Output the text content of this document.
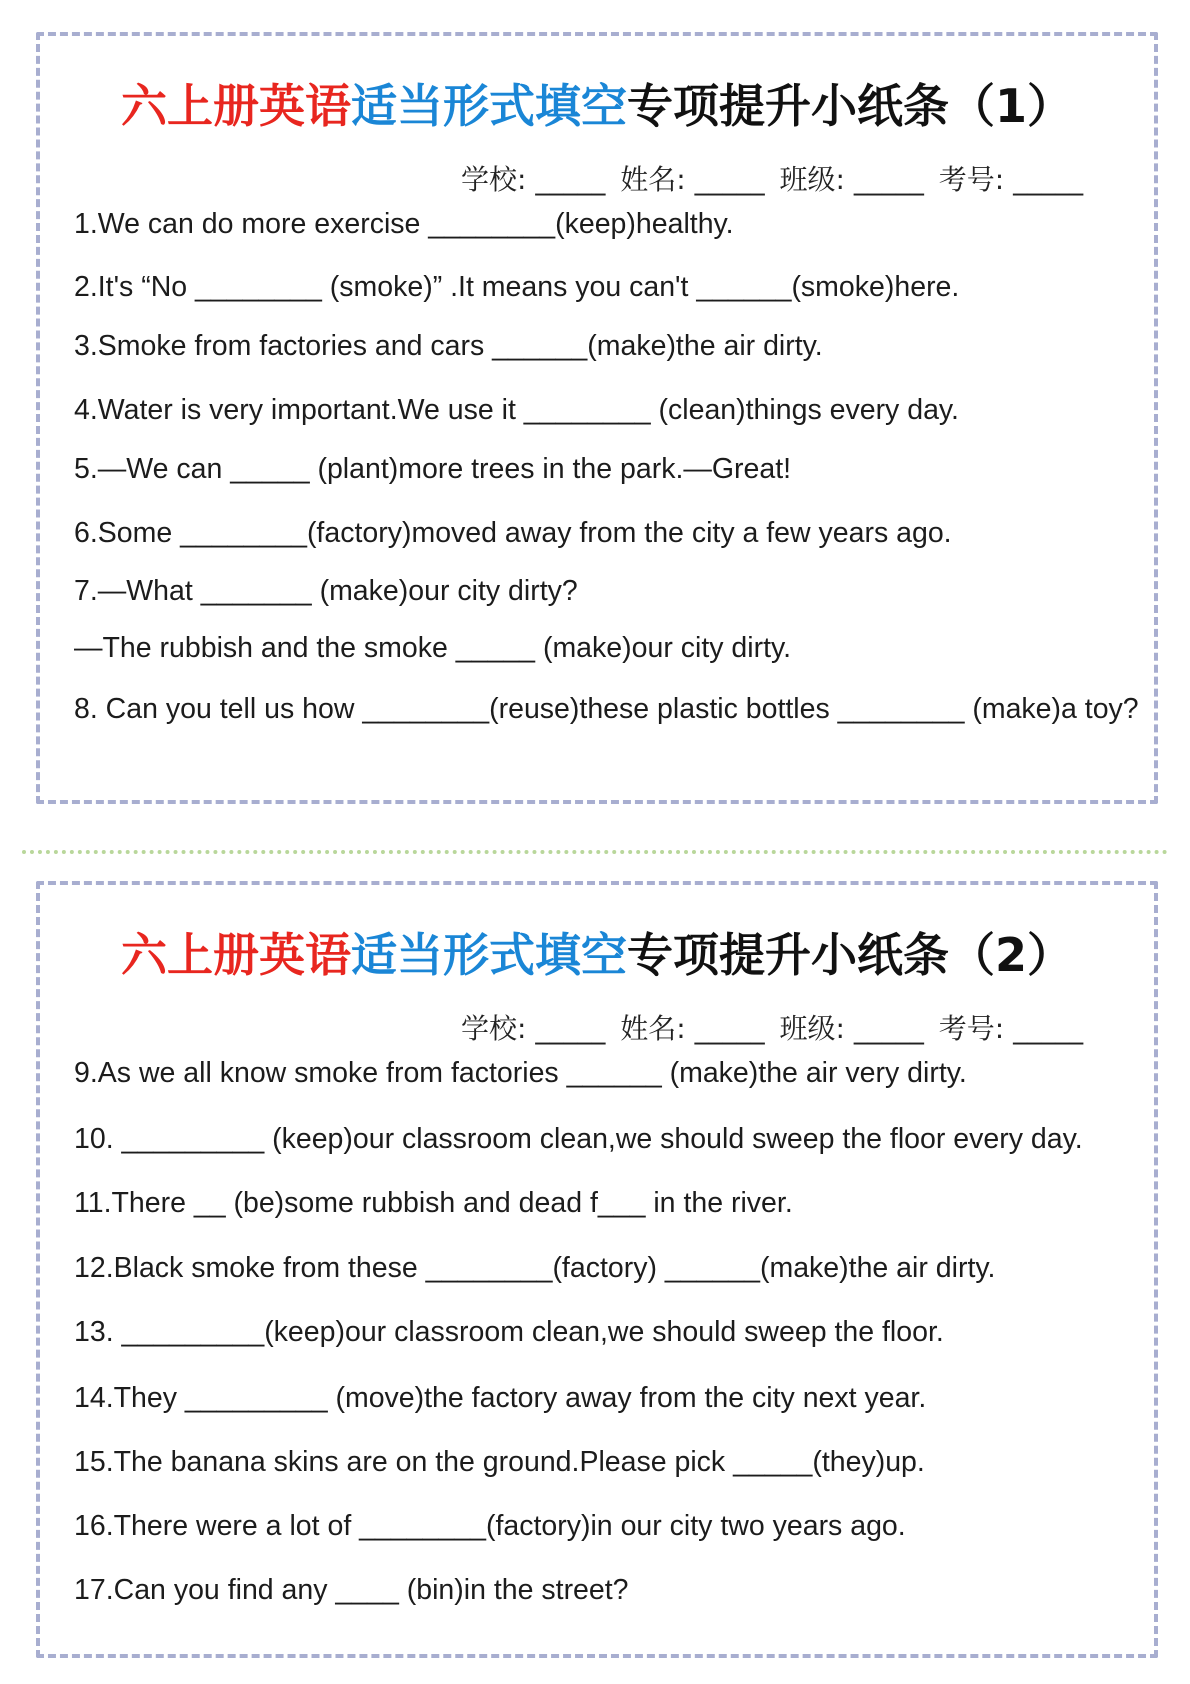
六上册英语适当形式填空专项提升小纸条（1）
学校: _____ 姓名: _____ 班级: _____ 考号: _____
1.We can do more exercise ________(keep)healthy.
2.It's “No ________ (smoke)” .It means you can't ______(smoke)here.
3.Smoke from factories and cars ______(make)the air dirty.
4.Water is very important.We use it ________ (clean)things every day.
5.—We can _____ (plant)more trees in the park.—Great!
6.Some ________(factory)moved away from the city a few years ago.
7.—What _______ (make)our city dirty?
—The rubbish and the smoke _____ (make)our city dirty.
8. Can you tell us how ________(reuse)these plastic bottles ________ (make)a toy?
六上册英语适当形式填空专项提升小纸条（2）
学校: _____ 姓名: _____ 班级: _____ 考号: _____
9.As we all know smoke from factories ______ (make)the air very dirty.
10. _________ (keep)our classroom clean,we should sweep the floor every day.
11.There __ (be)some rubbish and dead f___ in the river.
12.Black smoke from these ________(factory) ______(make)the air dirty.
13. _________(keep)our classroom clean,we should sweep the floor.
14.They _________ (move)the factory away from the city next year.
15.The banana skins are on the ground.Please pick _____(they)up.
16.There were a lot of ________(factory)in our city two years ago.
17.Can you find any ____ (bin)in the street?
